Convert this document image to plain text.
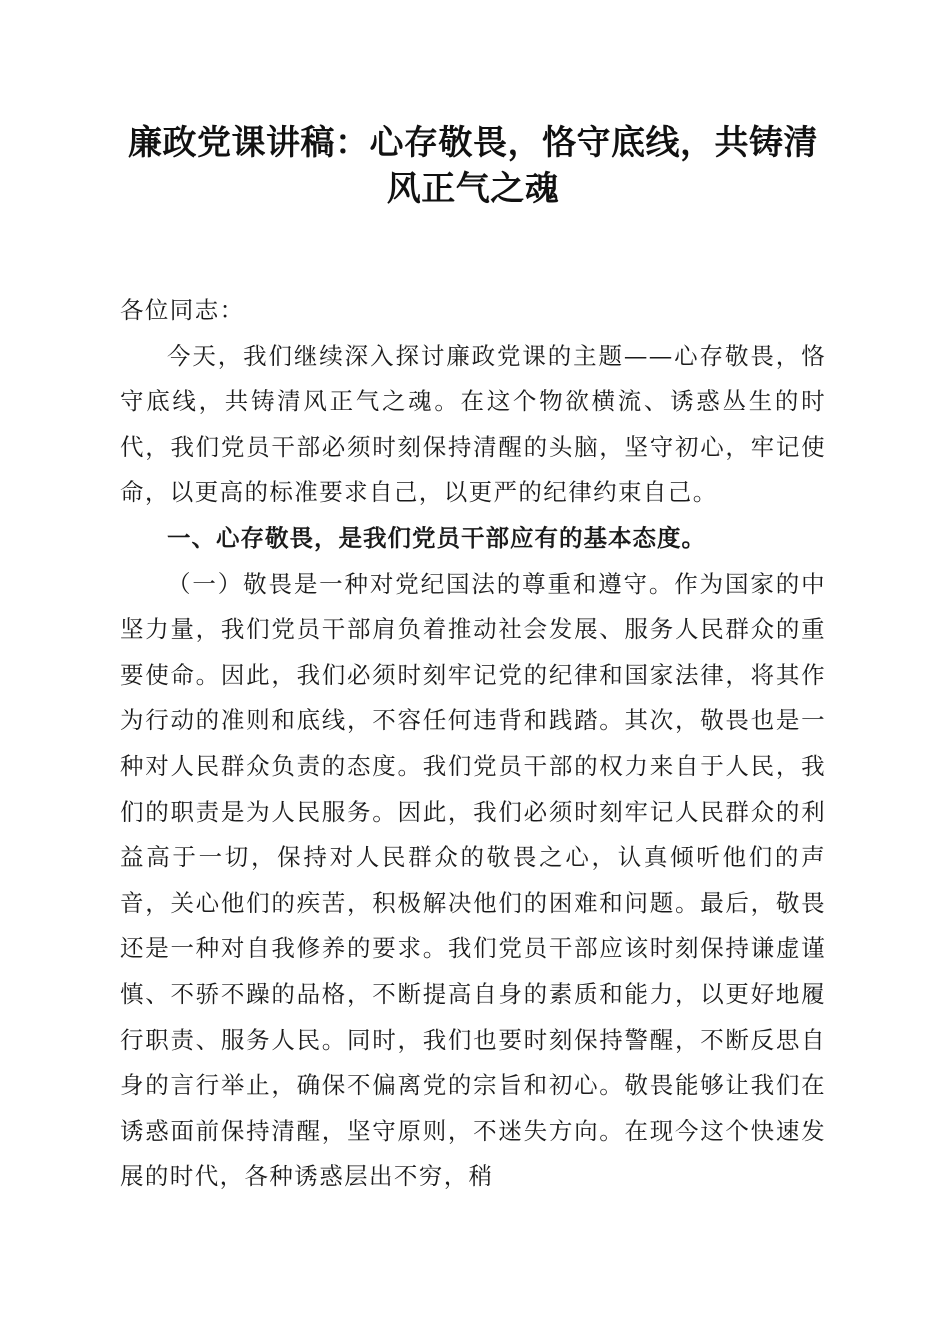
廉政党课讲稿：心存敬畏，恪守底线，共铸清风正气之魂

各位同志：

今天，我们继续深入探讨廉政党课的主题——心存敬畏，恪守底线，共铸清风正气之魂。在这个物欲横流、诱惑丛生的时代，我们党员干部必须时刻保持清醒的头脑，坚守初心，牢记使命，以更高的标准要求自己，以更严的纪律约束自己。

一、心存敬畏，是我们党员干部应有的基本态度。

（一）敬畏是一种对党纪国法的尊重和遵守。作为国家的中坚力量，我们党员干部肩负着推动社会发展、服务人民群众的重要使命。因此，我们必须时刻牢记党的纪律和国家法律，将其作为行动的准则和底线，不容任何违背和践踏。其次，敬畏也是一种对人民群众负责的态度。我们党员干部的权力来自于人民，我们的职责是为人民服务。因此，我们必须时刻牢记人民群众的利益高于一切，保持对人民群众的敬畏之心，认真倾听他们的声音，关心他们的疾苦，积极解决他们的困难和问题。最后，敬畏还是一种对自我修养的要求。我们党员干部应该时刻保持谦虚谨慎、不骄不躁的品格，不断提高自身的素质和能力，以更好地履行职责、服务人民。同时，我们也要时刻保持警醒，不断反思自身的言行举止，确保不偏离党的宗旨和初心。敬畏能够让我们在诱惑面前保持清醒，坚守原则，不迷失方向。在现今这个快速发展的时代，各种诱惑层出不穷，稍
